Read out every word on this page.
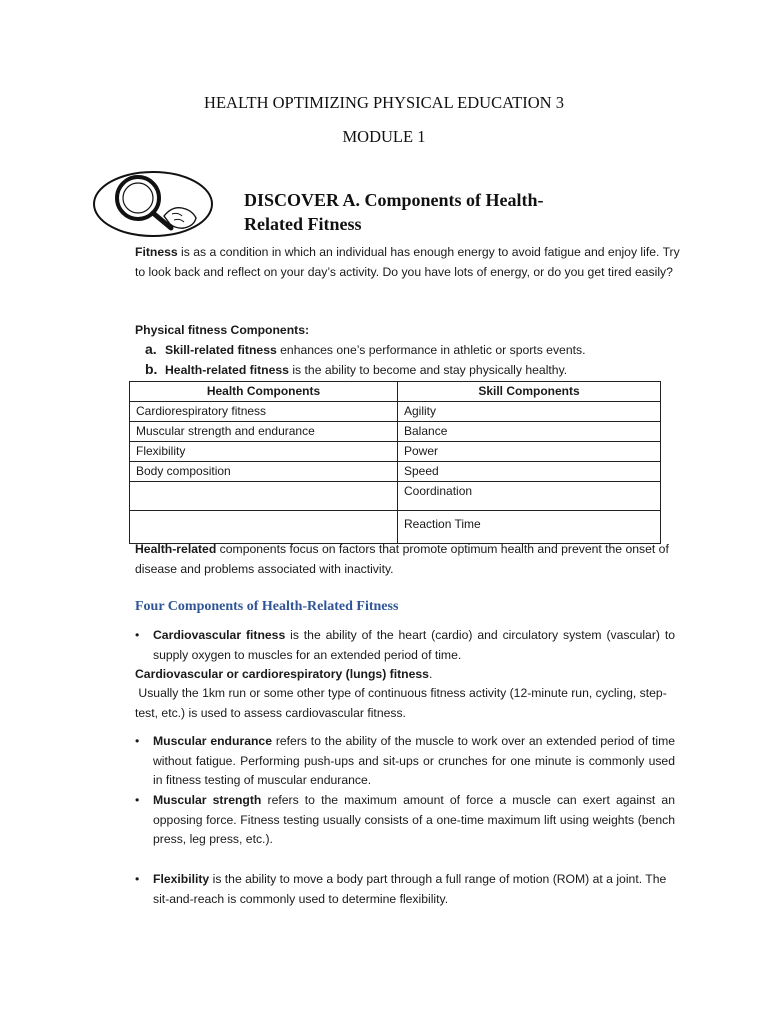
HEALTH OPTIMIZING PHYSICAL EDUCATION 3
MODULE 1
DISCOVER A. Components of Health-
Related Fitness
Fitness is as a condition in which an individual has enough energy to avoid fatigue and enjoy life. Try to look back and reflect on your day’s activity. Do you have lots of energy, or do you get tired easily?
Physical fitness Components:
a. Skill-related fitness enhances one’s performance in athletic or sports events.
b. Health-related fitness is the ability to become and stay physically healthy.
Health Components	Skill Components
Cardiorespiratory fitness	Agility
Muscular strength and endurance	Balance
Flexibility	Power
Body composition	Speed
	Coordination
	Reaction Time
Health-related components focus on factors that promote optimum health and prevent the onset of disease and problems associated with inactivity.
Four Components of Health-Related Fitness
• Cardiovascular fitness is the ability of the heart (cardio) and circulatory system (vascular) to supply oxygen to muscles for an extended period of time.
Cardiovascular or cardiorespiratory (lungs) fitness.
Usually the 1km run or some other type of continuous fitness activity (12-minute run, cycling, step-test, etc.) is used to assess cardiovascular fitness.
• Muscular endurance refers to the ability of the muscle to work over an extended period of time without fatigue. Performing push-ups and sit-ups or crunches for one minute is commonly used in fitness testing of muscular endurance.
• Muscular strength refers to the maximum amount of force a muscle can exert against an opposing force. Fitness testing usually consists of a one-time maximum lift using weights (bench press, leg press, etc.).
• Flexibility is the ability to move a body part through a full range of motion (ROM) at a joint. The sit-and-reach is commonly used to determine flexibility.
